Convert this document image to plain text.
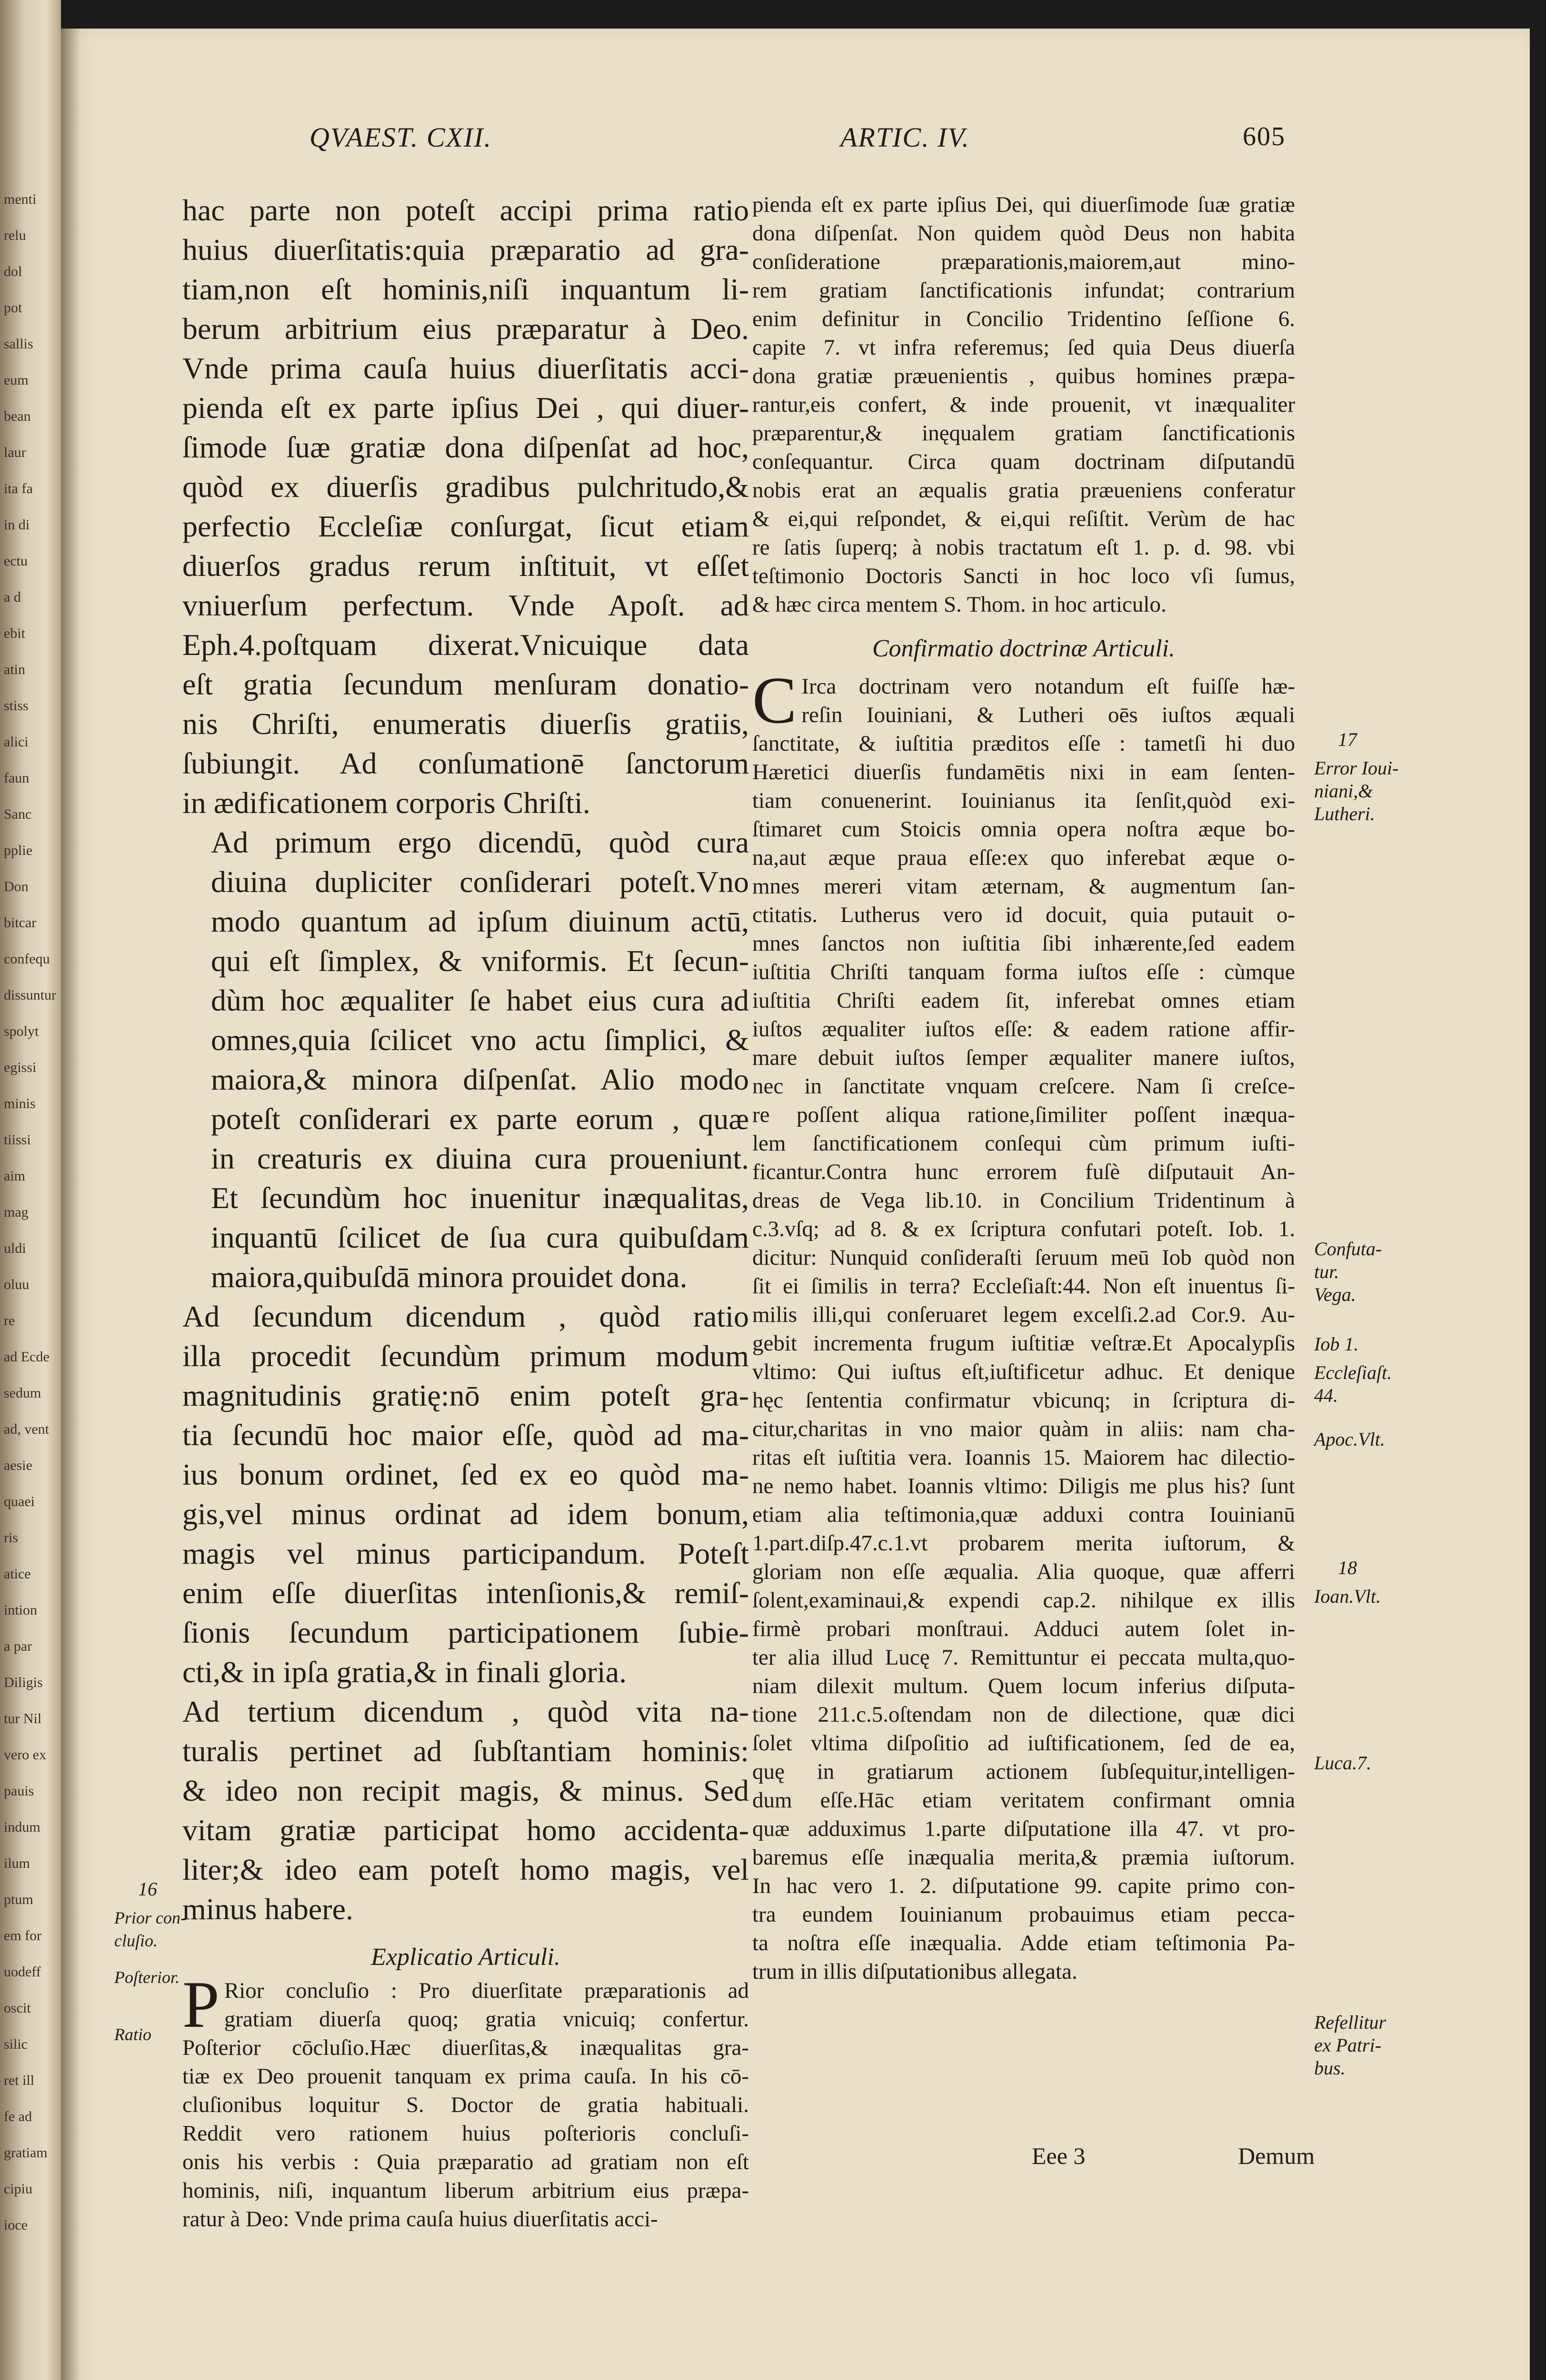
menti
relu
dol
pot
sallis
eum
bean
laur
ita fa
in di
ectu
a d
ebit
atin
stiss
alici
faun
Sanc
pplie
Don
bitcar
confequ
dissuntur
spolyt
egissi
minis
tiissi
aim
mag
uldi
oluu
re
ad Ecde
sedum
ad, vent
aesie
quaei
ris
atice
intion
a par
Diligis
tur Nil
vero ex
pauis
indum
ilum
ptum
em for
uodeff
oscit
silic
ret ill
fe ad
gratiam
cipiu
ioce
QVAEST. CXII.	ARTIC. IV.	605
hac parte non poteſt accipi prima ratio
huius diuerſitatis:quia præparatio ad gra-
tiam,non eſt hominis,niſi inquantum li-
berum arbitrium eius præparatur à Deo.
Vnde prima cauſa huius diuerſitatis acci-
pienda eſt ex parte ipſius Dei , qui diuer-
ſimode ſuæ gratiæ dona diſpenſat ad hoc,
quòd ex diuerſis gradibus pulchritudo,&
perfectio Eccleſiæ conſurgat, ſicut etiam
diuerſos gradus rerum inſtituit, vt eſſet
vniuerſum perfectum. Vnde Apoſt. ad
Eph.4.poſtquam dixerat.Vnicuique data
eſt gratia ſecundum menſuram donatio-
nis Chriſti, enumeratis diuerſis gratiis,
ſubiungit. Ad conſumationē ſanctorum
in ædificationem corporis Chriſti.
Ad primum ergo dicendū, quòd cura
diuina dupliciter conſiderari poteſt.Vno
modo quantum ad ipſum diuinum actū,
qui eſt ſimplex, & vniformis. Et ſecun-
dùm hoc æqualiter ſe habet eius cura ad
omnes,quia ſcilicet vno actu ſimplici, &
maiora,& minora diſpenſat. Alio modo
poteſt conſiderari ex parte eorum , quæ
in creaturis ex diuina cura proueniunt.
Et ſecundùm hoc inuenitur inæqualitas,
inquantū ſcilicet de ſua cura quibuſdam
maiora,quibuſdā minora prouidet dona.
Ad ſecundum dicendum , quòd ratio
illa procedit ſecundùm primum modum
magnitudinis gratię:nō enim poteſt gra-
tia ſecundū hoc maior eſſe, quòd ad ma-
ius bonum ordinet, ſed ex eo quòd ma-
gis,vel minus ordinat ad idem bonum,
magis vel minus participandum. Poteſt
enim eſſe diuerſitas intenſionis,& remiſ-
ſionis ſecundum participationem ſubie-
cti,& in ipſa gratia,& in finali gloria.
Ad tertium dicendum , quòd vita na-
turalis pertinet ad ſubſtantiam hominis:
& ideo non recipit magis, & minus. Sed
vitam gratiæ participat homo accidenta-
liter;& ideo eam poteſt homo magis, vel
minus habere.
Explicatio Articuli.
P Rior concluſio : Pro diuerſitate præparationis ad
gratiam diuerſa quoq; gratia vnicuiq; confertur.
Poſterior cōcluſio.Hæc diuerſitas,& inæqualitas gra-
tiæ ex Deo prouenit tanquam ex prima cauſa. In his cō-
cluſionibus loquitur S. Doctor de gratia habituali.
Reddit vero rationem huius poſterioris concluſi-
onis his verbis : Quia præparatio ad gratiam non eſt
hominis, niſi, inquantum liberum arbitrium eius præpa-
ratur à Deo: Vnde prima cauſa huius diuerſitatis acci-
pienda eſt ex parte ipſius Dei, qui diuerſimode ſuæ gratiæ
dona diſpenſat. Non quidem quòd Deus non habita
conſideratione præparationis,maiorem,aut mino-
rem gratiam ſanctificationis infundat; contrarium
enim definitur in Concilio Tridentino ſeſſione 6.
capite 7. vt infra referemus; ſed quia Deus diuerſa
dona gratiæ præuenientis , quibus homines præpa-
rantur,eis confert, & inde prouenit, vt inæqualiter
præparentur,& inęqualem gratiam ſanctificationis
conſequantur. Circa quam doctrinam diſputandū
nobis erat an æqualis gratia præueniens conferatur
& ei,qui reſpondet, & ei,qui reſiſtit. Verùm de hac
re ſatis ſuperq; à nobis tractatum eſt 1. p. d. 98. vbi
teſtimonio Doctoris Sancti in hoc loco vſi ſumus,
& hæc circa mentem S. Thom. in hoc articulo.
Confirmatio doctrinæ Articuli.
C Irca doctrinam vero notandum eſt fuiſſe hæ-
reſin Iouiniani, & Lutheri oēs iuſtos æquali
ſanctitate, & iuſtitia præditos eſſe : tametſi hi duo
Hæretici diuerſis fundamētis nixi in eam ſenten-
tiam conuenerint. Iouinianus ita ſenſit,quòd exi-
ſtimaret cum Stoicis omnia opera noſtra æque bo-
na,aut æque praua eſſe:ex quo inferebat æque o-
mnes mereri vitam æternam, & augmentum ſan-
ctitatis. Lutherus vero id docuit, quia putauit o-
mnes ſanctos non iuſtitia ſibi inhærente,ſed eadem
iuſtitia Chriſti tanquam forma iuſtos eſſe : cùmque
iuſtitia Chriſti eadem ſit, inferebat omnes etiam
iuſtos æqualiter iuſtos eſſe: & eadem ratione affir-
mare debuit iuſtos ſemper æqualiter manere iuſtos,
nec in ſanctitate vnquam creſcere. Nam ſi creſce-
re poſſent aliqua ratione,ſimiliter poſſent inæqua-
lem ſanctificationem conſequi cùm primum iuſti-
ficantur.Contra hunc errorem fuſè diſputauit An-
dreas de Vega lib.10. in Concilium Tridentinum à
c.3.vſq; ad 8. & ex ſcriptura confutari poteſt. Iob. 1.
dicitur: Nunquid conſideraſti ſeruum meū Iob quòd non
ſit ei ſimilis in terra? Eccleſiaſt:44. Non eſt inuentus ſi-
milis illi,qui conſeruaret legem excelſi.2.ad Cor.9. Au-
gebit incrementa frugum iuſtitiæ veſtræ.Et Apocalypſis
vltimo: Qui iuſtus eſt,iuſtificetur adhuc. Et denique
hęc ſententia confirmatur vbicunq; in ſcriptura di-
citur,charitas in vno maior quàm in aliis: nam cha-
ritas eſt iuſtitia vera. Ioannis 15. Maiorem hac dilectio-
ne nemo habet. Ioannis vltimo: Diligis me plus his? ſunt
etiam alia teſtimonia,quæ adduxi contra Iouinianū
1.part.diſp.47.c.1.vt probarem merita iuſtorum, &
gloriam non eſſe æqualia. Alia quoque, quæ afferri
ſolent,examinaui,& expendi cap.2. nihilque ex illis
firmè probari monſtraui. Adduci autem ſolet in-
ter alia illud Lucę 7. Remittuntur ei peccata multa,quo-
niam dilexit multum. Quem locum inferius diſputa-
tione 211.c.5.oſtendam non de dilectione, quæ dici
ſolet vltima diſpoſitio ad iuſtificationem, ſed de ea,
quę in gratiarum actionem ſubſequitur,intelligen-
dum eſſe.Hāc etiam veritatem confirmant omnia
quæ adduximus 1.parte diſputatione illa 47. vt pro-
baremus eſſe inæqualia merita,& præmia iuſtorum.
In hac vero 1. 2. diſputatione 99. capite primo con-
tra eundem Iouinianum probauimus etiam pecca-
ta noſtra eſſe inæqualia. Adde etiam teſtimonia Pa-
trum in illis diſputationibus allegata.
17
Error Ioui-
niani,&
Lutheri.
Confuta-
tur.
Vega.
Iob 1.
Eccleſiaſt.
44.
Apoc.Vlt.
18
Ioan.Vlt.
Luca.7.
Refellitur
ex Patri-
bus.
16
Prior con-
cluſio.
Poſterior.
Ratio
Eee 3	Demum
